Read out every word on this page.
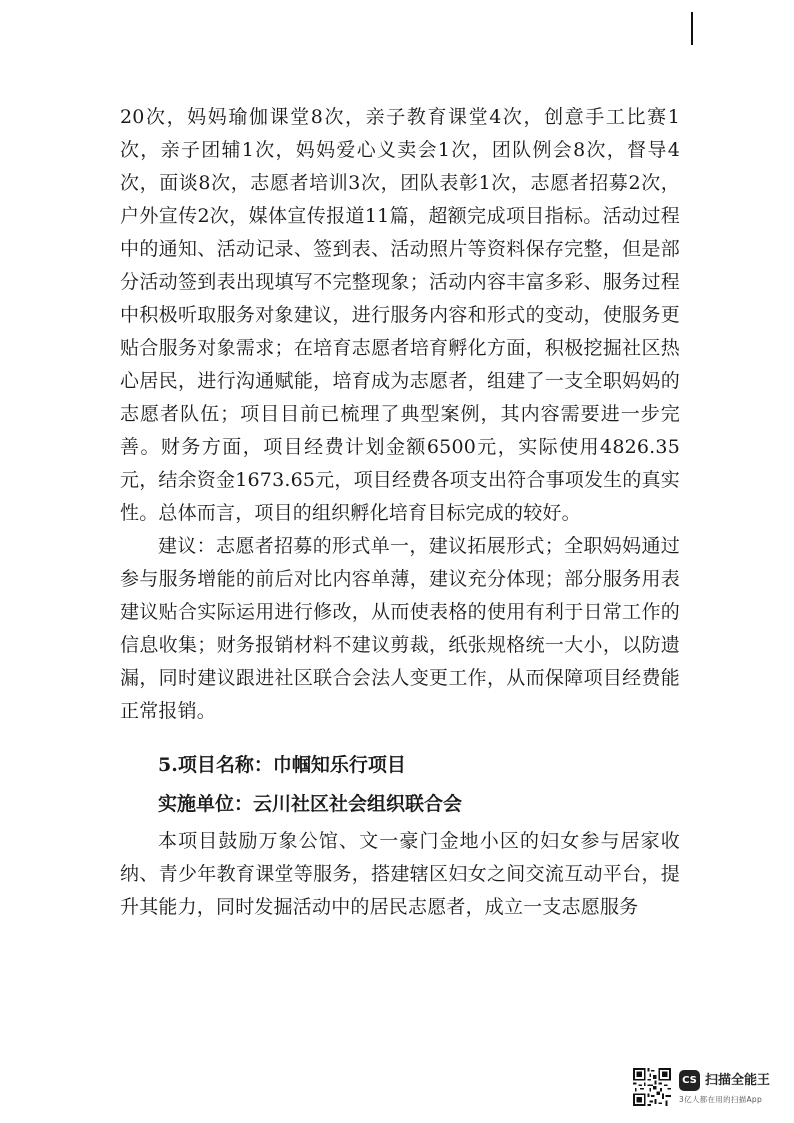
20次，妈妈瑜伽课堂8次，亲子教育课堂4次，创意手工比赛1次，亲子团辅1次，妈妈爱心义卖会1次，团队例会8次，督导4次，面谈8次，志愿者培训3次，团队表彰1次，志愿者招募2次，户外宣传2次，媒体宣传报道11篇，超额完成项目指标。活动过程中的通知、活动记录、签到表、活动照片等资料保存完整，但是部分活动签到表出现填写不完整现象；活动内容丰富多彩、服务过程中积极听取服务对象建议，进行服务内容和形式的变动，使服务更贴合服务对象需求；在培育志愿者培育孵化方面，积极挖掘社区热心居民，进行沟通赋能，培育成为志愿者，组建了一支全职妈妈的志愿者队伍；项目目前已梳理了典型案例，其内容需要进一步完善。财务方面，项目经费计划金额6500元，实际使用4826.35元，结余资金1673.65元，项目经费各项支出符合事项发生的真实性。总体而言，项目的组织孵化培育目标完成的较好。

建议：志愿者招募的形式单一，建议拓展形式；全职妈妈通过参与服务增能的前后对比内容单薄，建议充分体现；部分服务用表建议贴合实际运用进行修改，从而使表格的使用有利于日常工作的信息收集；财务报销材料不建议剪裁，纸张规格统一大小，以防遗漏，同时建议跟进社区联合会法人变更工作，从而保障项目经费能正常报销。

5.项目名称：巾帼知乐行项目

实施单位：云川社区社会组织联合会

本项目鼓励万象公馆、文一豪门金地小区的妇女参与居家收纳、青少年教育课堂等服务，搭建辖区妇女之间交流互动平台，提升其能力，同时发掘活动中的居民志愿者，成立一支志愿服务

CS 扫描全能王
3亿人都在用的扫描App
